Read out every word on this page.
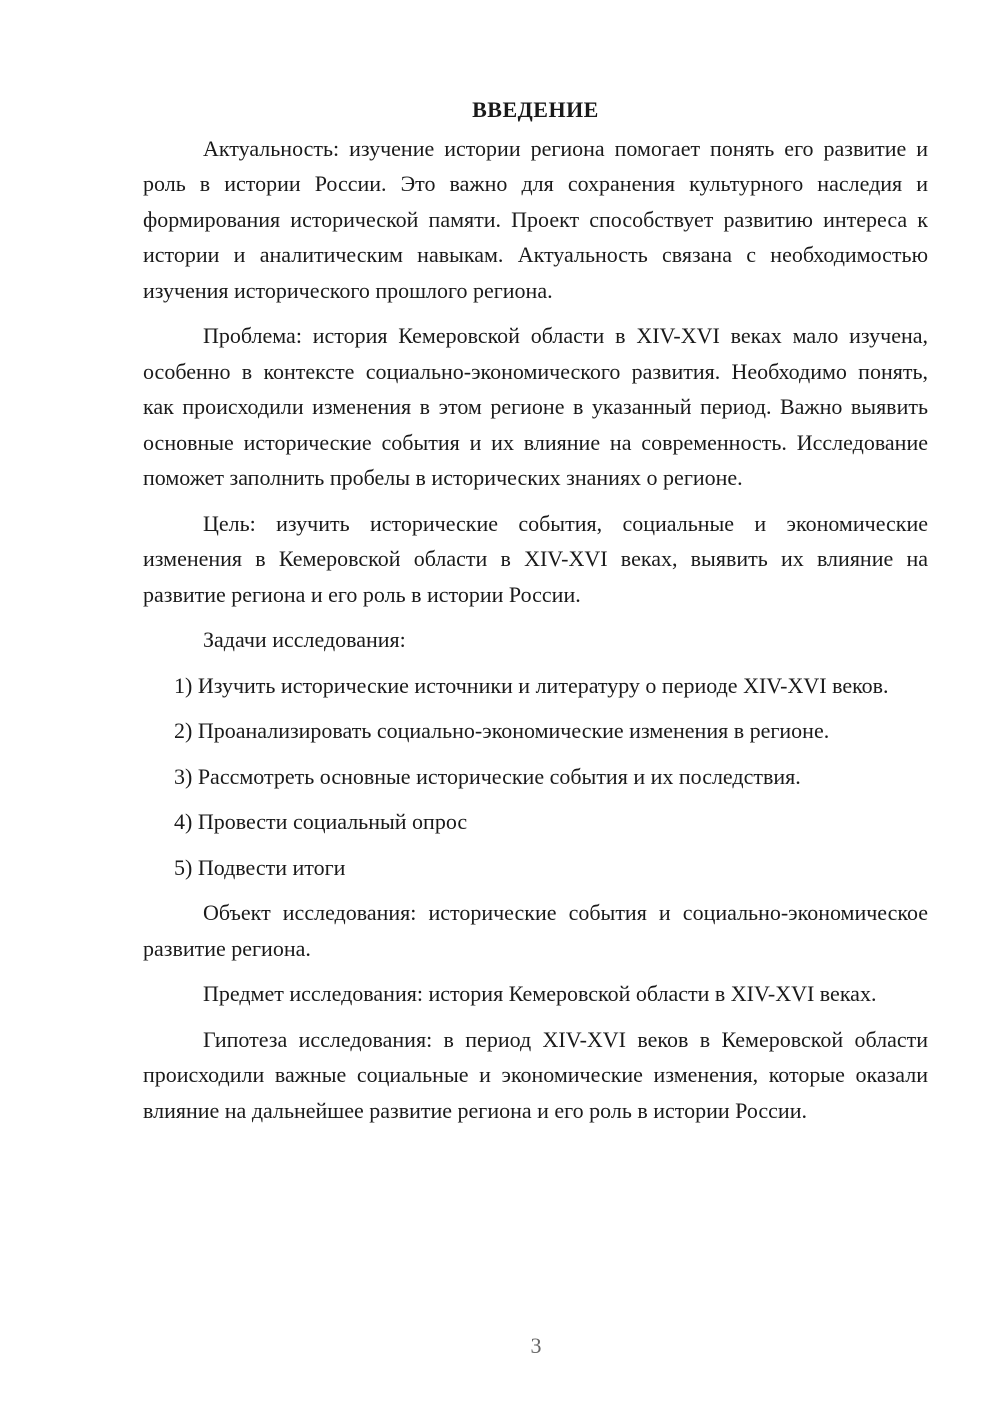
ВВЕДЕНИЕ

Актуальность: изучение истории региона помогает понять его развитие и роль в истории России. Это важно для сохранения культурного наследия и формирования исторической памяти. Проект способствует развитию интереса к истории и аналитическим навыкам. Актуальность связана с необходимостью изучения исторического прошлого региона.

Проблема: история Кемеровской области в XIV-XVI веках мало изучена, особенно в контексте социально-экономического развития. Необходимо понять, как происходили изменения в этом регионе в указанный период. Важно выявить основные исторические события и их влияние на современность. Исследование поможет заполнить пробелы в исторических знаниях о регионе.

Цель: изучить исторические события, социальные и экономические изменения в Кемеровской области в XIV-XVI веках, выявить их влияние на развитие региона и его роль в истории России.

Задачи исследования:

1) Изучить исторические источники и литературу о периоде XIV-XVI веков.

2) Проанализировать социально-экономические изменения в регионе.

3) Рассмотреть основные исторические события и их последствия.

4) Провести социальный опрос

5) Подвести итоги

Объект исследования: исторические события и социально-экономическое развитие региона.

Предмет исследования: история Кемеровской области в XIV-XVI веках.

Гипотеза исследования: в период XIV-XVI веков в Кемеровской области происходили важные социальные и экономические изменения, которые оказали влияние на дальнейшее развитие региона и его роль в истории России.

3
